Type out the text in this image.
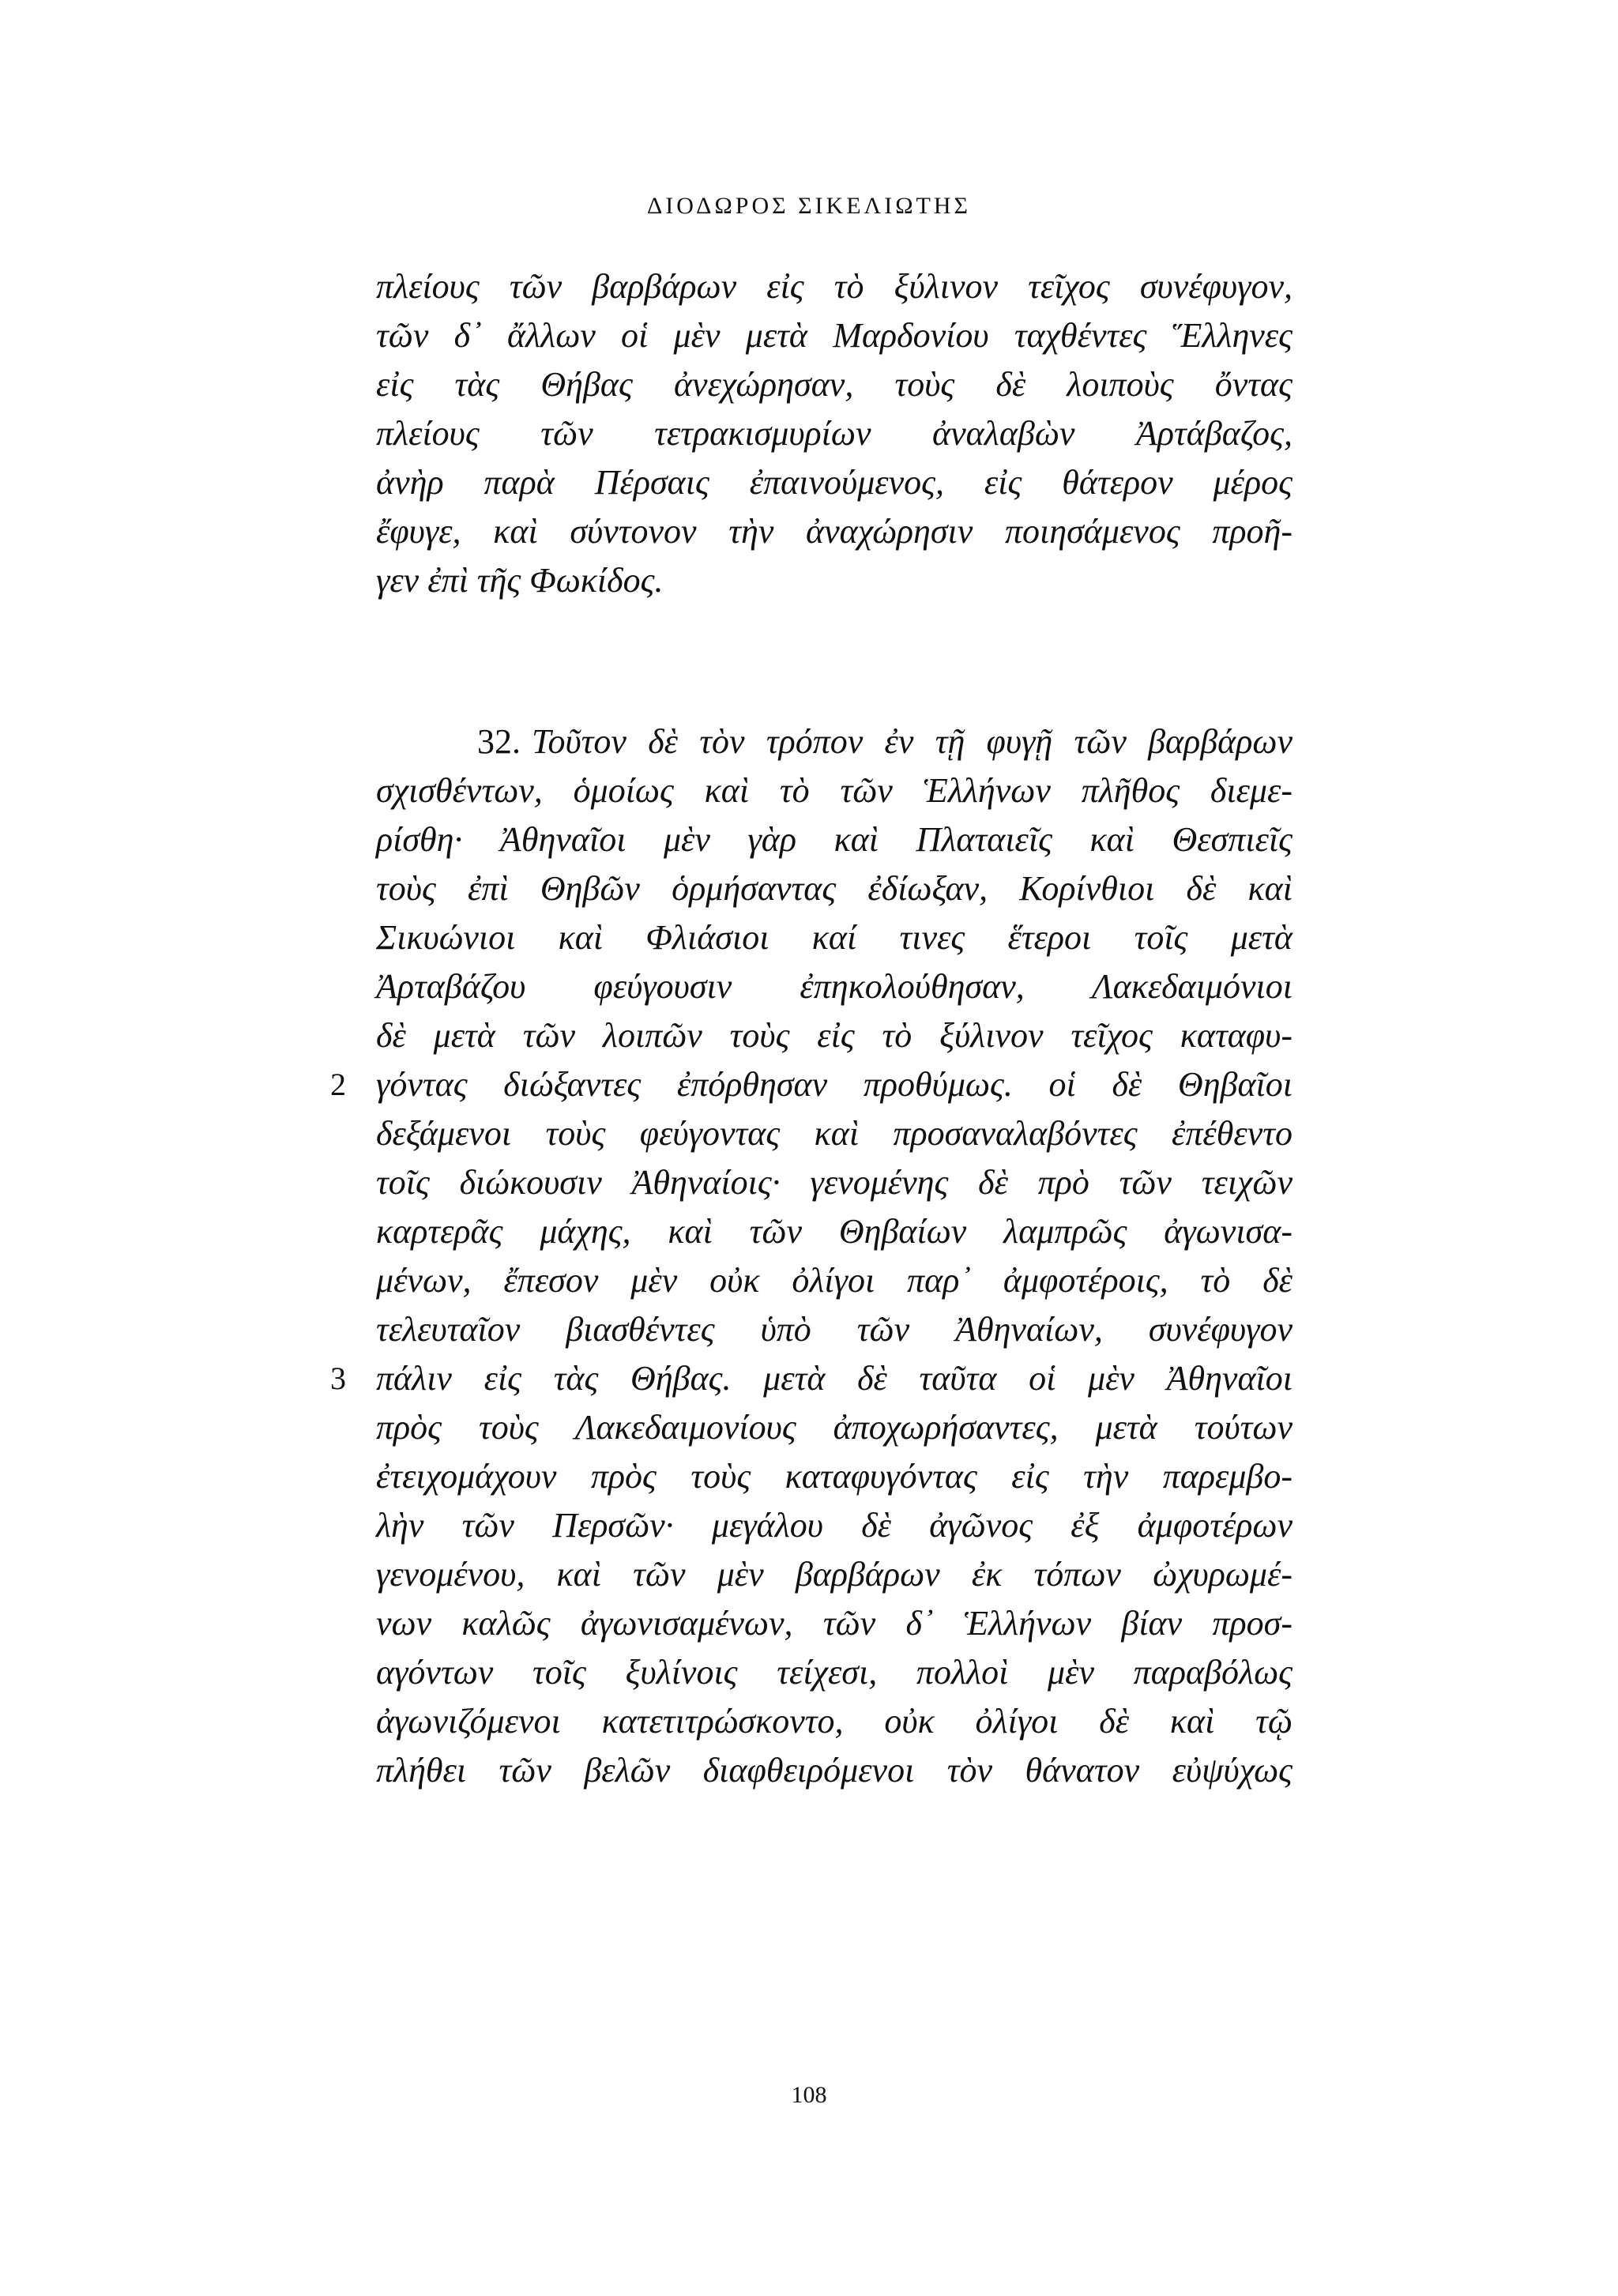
ΔΙΟΔΩΡΟΣ ΣΙΚΕΛΙΩΤΗΣ
πλείους τῶν βαρβάρων εἰς τὸ ξύλινον τεῖχος συνέφυγον,
τῶν δ᾽ ἄλλων οἱ μὲν μετὰ Μαρδονίου ταχθέντες Ἕλληνες
εἰς τὰς Θήβας ἀνεχώρησαν, τοὺς δὲ λοιποὺς ὄντας
πλείους τῶν τετρακισμυρίων ἀναλαβὼν Ἀρτάβαζος,
ἀνὴρ παρὰ Πέρσαις ἐπαινούμενος, εἰς θάτερον μέρος
ἔφυγε, καὶ σύντονον τὴν ἀναχώρησιν ποιησάμενος προῆ-
γεν ἐπὶ τῆς Φωκίδος.
32. Τοῦτον δὲ τὸν τρόπον ἐν τῇ φυγῇ τῶν βαρβάρων
σχισθέντων, ὁμοίως καὶ τὸ τῶν Ἑλλήνων πλῆθος διεμε-
ρίσθη· Ἀθηναῖοι μὲν γὰρ καὶ Πλαταιεῖς καὶ Θεσπιεῖς
τοὺς ἐπὶ Θηβῶν ὁρμήσαντας ἐδίωξαν, Κορίνθιοι δὲ καὶ
Σικυώνιοι καὶ Φλιάσιοι καί τινες ἕτεροι τοῖς μετὰ
Ἀρταβάζου φεύγουσιν ἐπηκολούθησαν, Λακεδαιμόνιοι
δὲ μετὰ τῶν λοιπῶν τοὺς εἰς τὸ ξύλινον τεῖχος καταφυ-
γόντας διώξαντες ἐπόρθησαν προθύμως. οἱ δὲ Θηβαῖοι
δεξάμενοι τοὺς φεύγοντας καὶ προσαναλαβόντες ἐπέθεντο
τοῖς διώκουσιν Ἀθηναίοις· γενομένης δὲ πρὸ τῶν τειχῶν
καρτερᾶς μάχης, καὶ τῶν Θηβαίων λαμπρῶς ἀγωνισα-
μένων, ἔπεσον μὲν οὐκ ὀλίγοι παρ᾽ ἀμφοτέροις, τὸ δὲ
τελευταῖον βιασθέντες ὑπὸ τῶν Ἀθηναίων, συνέφυγον
πάλιν εἰς τὰς Θήβας. μετὰ δὲ ταῦτα οἱ μὲν Ἀθηναῖοι
πρὸς τοὺς Λακεδαιμονίους ἀποχωρήσαντες, μετὰ τούτων
ἐτειχομάχουν πρὸς τοὺς καταφυγόντας εἰς τὴν παρεμβο-
λὴν τῶν Περσῶν· μεγάλου δὲ ἀγῶνος ἐξ ἀμφοτέρων
γενομένου, καὶ τῶν μὲν βαρβάρων ἐκ τόπων ὠχυρωμέ-
νων καλῶς ἀγωνισαμένων, τῶν δ᾽ Ἑλλήνων βίαν προσ-
αγόντων τοῖς ξυλίνοις τείχεσι, πολλοὶ μὲν παραβόλως
ἀγωνιζόμενοι κατετιτρώσκοντο, οὐκ ὀλίγοι δὲ καὶ τῷ
πλήθει τῶν βελῶν διαφθειρόμενοι τὸν θάνατον εὐψύχως
2
3
108
